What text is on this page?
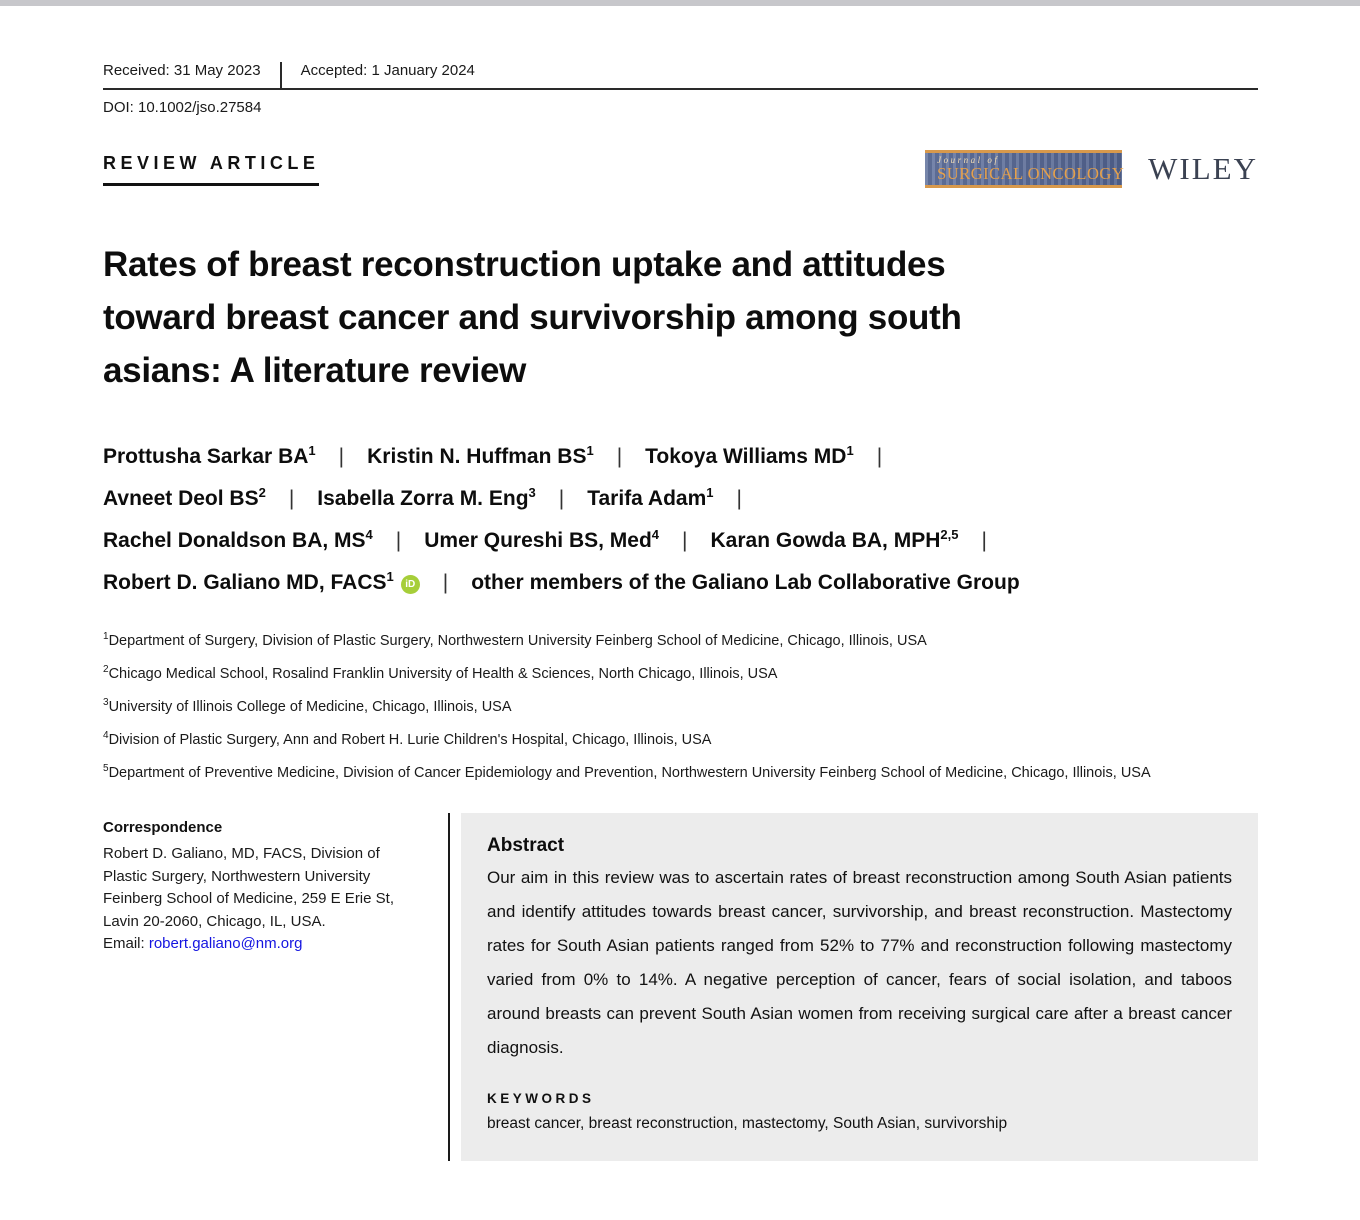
Received: 31 May 2023	Accepted: 1 January 2024
DOI: 10.1002/jso.27584
REVIEW ARTICLE	Journal of
SURGICAL ONCOLOGY WILEY
Rates of breast reconstruction uptake and attitudes
toward breast cancer and survivorship among south
asians: A literature review
Prottusha Sarkar $BA^1$ | Kristin N. Huffman $BS^1$ | Tokoya Williams $MD^1$ |
Avneet Deol $BS^2$ | Isabella Zorra M. Eng$^3$ | Tarifa Adam$^1$ |
Rachel Donaldson BA, $MS^4$ | Umer Qureshi BS, Med$^4$ | Karan Gowda BA, MPH$^{2,5}$ |
Robert D. Galiano MD, FACS$^1$iD | other members of the Galiano Lab Collaborative Group
$^1$Department of Surgery, Division of Plastic Surgery, Northwestern University Feinberg School of Medicine, Chicago, Illinois, USA
$^2$Chicago Medical School, Rosalind Franklin University of Health & Sciences, North Chicago, Illinois, USA
$^3$University of Illinois College of Medicine, Chicago, Illinois, USA
$^4$Division of Plastic Surgery, Ann and Robert H. Lurie Children's Hospital, Chicago, Illinois, USA
$^5$Department of Preventive Medicine, Division of Cancer Epidemiology and Prevention, Northwestern University Feinberg School of Medicine, Chicago, Illinois, USA
Correspondence
Robert D. Galiano, MD, FACS, Division of Plastic Surgery, Northwestern University Feinberg School of Medicine, 259 E Erie St, Lavin 20-2060, Chicago, IL, USA.
Email: robert.galiano@nm.org
Abstract
Our aim in this review was to ascertain rates of breast reconstruction among South Asian patients and identify attitudes towards breast cancer, survivorship, and breast reconstruction. Mastectomy rates for South Asian patients ranged from 52% to 77% and reconstruction following mastectomy varied from 0% to 14%. A negative perception of cancer, fears of social isolation, and taboos around breasts can prevent South Asian women from receiving surgical care after a breast cancer diagnosis.
KEYWORDS
breast cancer, breast reconstruction, mastectomy, South Asian, survivorship
